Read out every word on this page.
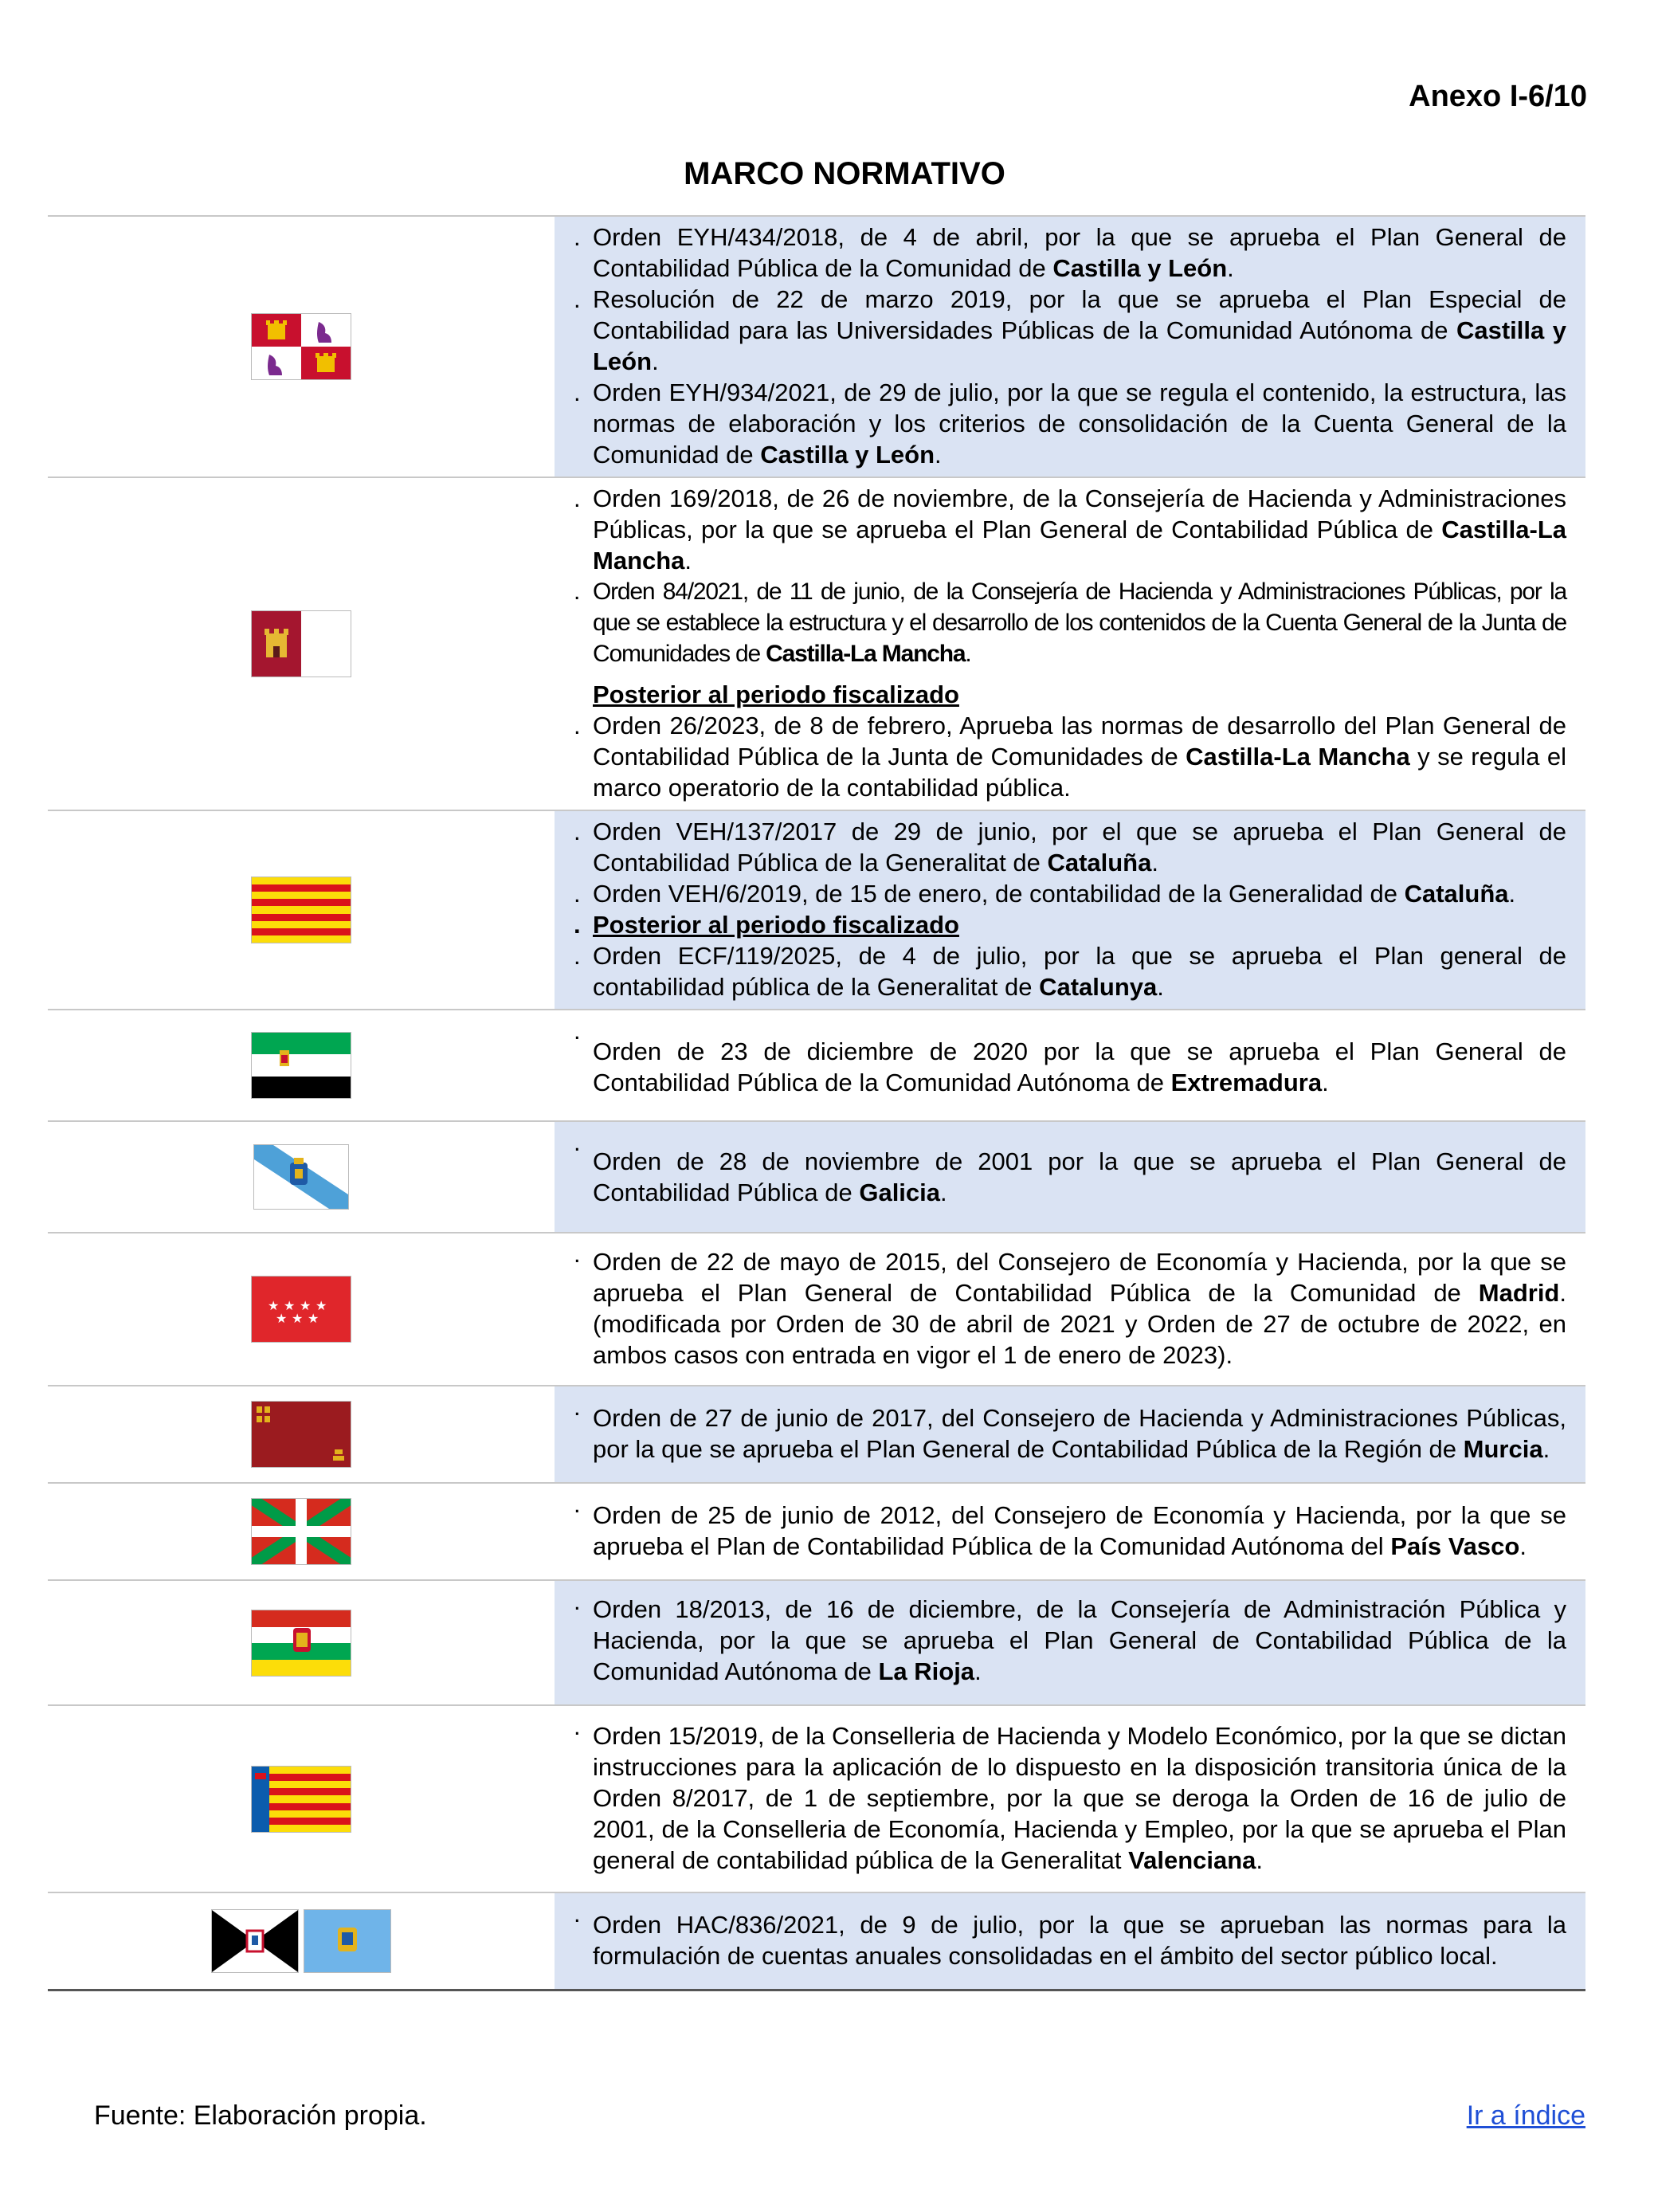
Anexo I-6/10
MARCO NORMATIVO
. Orden EYH/434/2018, de 4 de abril, por la que se aprueba el Plan General de Contabilidad Pública de la Comunidad de Castilla y León.
. Resolución de 22 de marzo 2019, por la que se aprueba el Plan Especial de Contabilidad para las Universidades Públicas de la Comunidad Autónoma de Castilla y León.
. Orden EYH/934/2021, de 29 de julio, por la que se regula el contenido, la estructura, las normas de elaboración y los criterios de consolidación de la Cuenta General de la Comunidad de Castilla y León.
. Orden 169/2018, de 26 de noviembre, de la Consejería de Hacienda y Administraciones Públicas, por la que se aprueba el Plan General de Contabilidad Pública de Castilla-La Mancha.
. Orden 84/2021, de 11 de junio, de la Consejería de Hacienda y Administraciones Públicas, por la que se establece la estructura y el desarrollo de los contenidos de la Cuenta General de la Junta de Comunidades de Castilla-La Mancha.
Posterior al periodo fiscalizado
. Orden 26/2023, de 8 de febrero, Aprueba las normas de desarrollo del Plan General de Contabilidad Pública de la Junta de Comunidades de Castilla-La Mancha y se regula el marco operatorio de la contabilidad pública.
. Orden VEH/137/2017 de 29 de junio, por el que se aprueba el Plan General de Contabilidad Pública de la Generalitat de Cataluña.
. Orden VEH/6/2019, de 15 de enero, de contabilidad de la Generalidad de Cataluña.
. Posterior al periodo fiscalizado
. Orden ECF/119/2025, de 4 de julio, por la que se aprueba el Plan general de contabilidad pública de la Generalitat de Catalunya.
. Orden de 23 de diciembre de 2020 por la que se aprueba el Plan General de Contabilidad Pública de la Comunidad Autónoma de Extremadura.
. Orden de 28 de noviembre de 2001 por la que se aprueba el Plan General de Contabilidad Pública de Galicia.
★ ★ ★ ★
★ ★ ★
. Orden de 22 de mayo de 2015, del Consejero de Economía y Hacienda, por la que se aprueba el Plan General de Contabilidad Pública de la Comunidad de Madrid. (modificada por Orden de 30 de abril de 2021 y Orden de 27 de octubre de 2022, en ambos casos con entrada en vigor el 1 de enero de 2023).
. Orden de 27 de junio de 2017, del Consejero de Hacienda y Administraciones Públicas, por la que se aprueba el Plan General de Contabilidad Pública de la Región de Murcia.
. Orden de 25 de junio de 2012, del Consejero de Economía y Hacienda, por la que se aprueba el Plan de Contabilidad Pública de la Comunidad Autónoma del País Vasco.
. Orden 18/2013, de 16 de diciembre, de la Consejería de Administración Pública y Hacienda, por la que se aprueba el Plan General de Contabilidad Pública de la Comunidad Autónoma de La Rioja.
. Orden 15/2019, de la Conselleria de Hacienda y Modelo Económico, por la que se dictan instrucciones para la aplicación de lo dispuesto en la disposición transitoria única de la Orden 8/2017, de 1 de septiembre, por la que se deroga la Orden de 16 de julio de 2001, de la Conselleria de Economía, Hacienda y Empleo, por la que se aprueba el Plan general de contabilidad pública de la Generalitat Valenciana.
. Orden HAC/836/2021, de 9 de julio, por la que se aprueban las normas para la formulación de cuentas anuales consolidadas en el ámbito del sector público local.
Fuente: Elaboración propia.	Ir a índice
